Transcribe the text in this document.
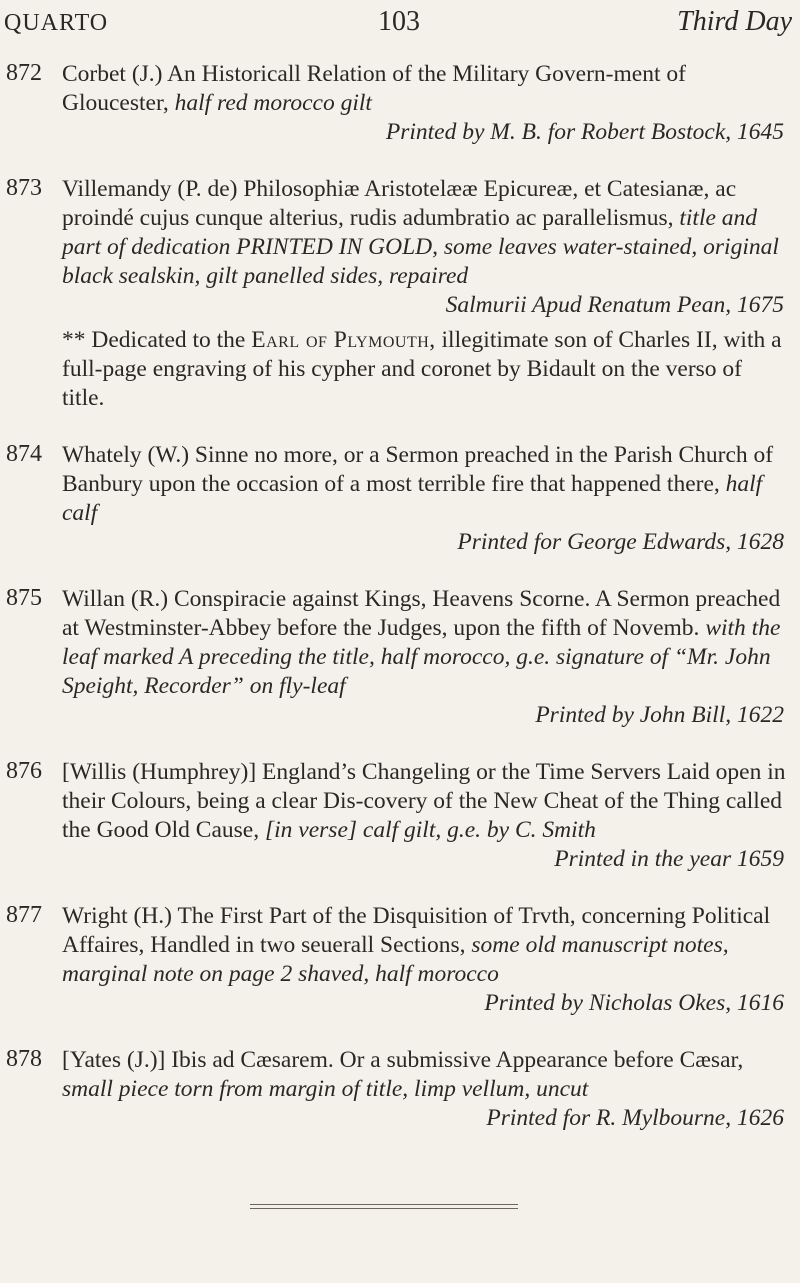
QUARTO	103	Third Day
872 Corbet (J.) An Historicall Relation of the Military Govern-ment of Gloucester, half red morocco gilt
Printed by M. B. for Robert Bostock, 1645
873 Villemandy (P. de) Philosophiæ Aristotelææ Epicureæ, et Catesianæ, ac proindé cujus cunque alterius, rudis adumbratio ac parallelismus, title and part of dedication PRINTED IN GOLD, some leaves water-stained, original black sealskin, gilt panelled sides, repaired
Salmurii Apud Renatum Pean, 1675
** Dedicated to the Earl of Plymouth, illegitimate son of Charles II, with a full-page engraving of his cypher and coronet by Bidault on the verso of title.
874 Whately (W.) Sinne no more, or a Sermon preached in the Parish Church of Banbury upon the occasion of a most terrible fire that happened there, half calf
Printed for George Edwards, 1628
875 Willan (R.) Conspiracie against Kings, Heavens Scorne. A Sermon preached at Westminster-Abbey before the Judges, upon the fifth of Novemb. with the leaf marked A preceding the title, half morocco, g.e. signature of “Mr. John Speight, Recorder” on fly-leaf
Printed by John Bill, 1622
876 [Willis (Humphrey)] England’s Changeling or the Time Servers Laid open in their Colours, being a clear Dis-covery of the New Cheat of the Thing called the Good Old Cause, [in verse] calf gilt, g.e. by C. Smith
Printed in the year 1659
877 Wright (H.) The First Part of the Disquisition of Trvth, concerning Political Affaires, Handled in two seuerall Sections, some old manuscript notes, marginal note on page 2 shaved, half morocco
Printed by Nicholas Okes, 1616
878 [Yates (J.)] Ibis ad Cæsarem. Or a submissive Appearance before Cæsar, small piece torn from margin of title, limp vellum, uncut
Printed for R. Mylbourne, 1626
